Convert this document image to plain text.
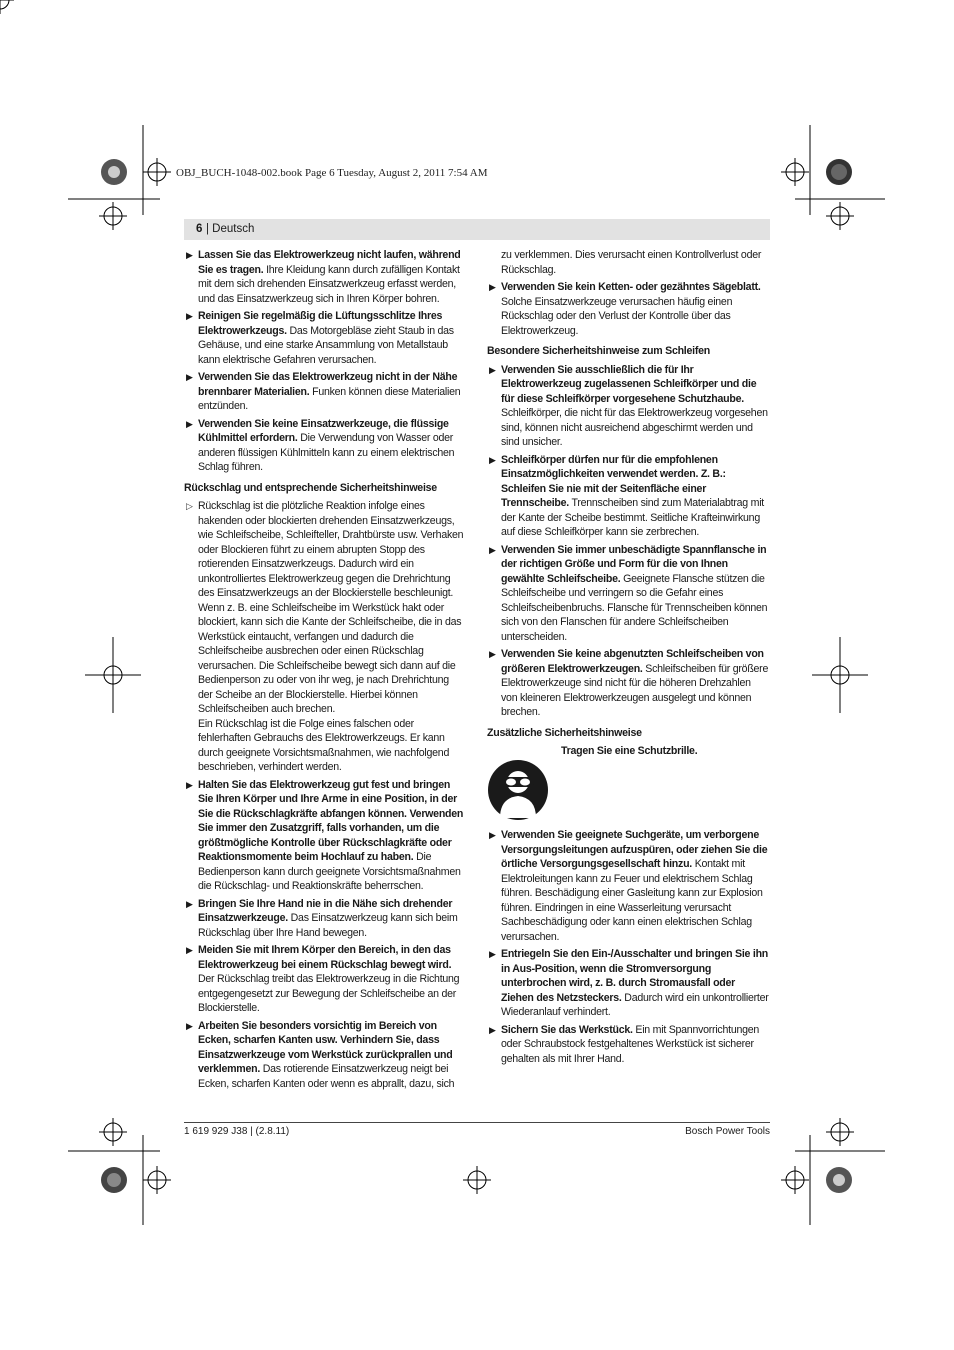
OBJ_BUCH-1048-002.book Page 6 Tuesday, August 2, 2011 7:54 AM
6 | Deutsch
▶ Lassen Sie das Elektrowerkzeug nicht laufen, während Sie es tragen. Ihre Kleidung kann durch zufälligen Kontakt mit dem sich drehenden Einsatzwerkzeug erfasst werden, und das Einsatzwerkzeug sich in Ihren Körper bohren.
▶ Reinigen Sie regelmäßig die Lüftungsschlitze Ihres Elektrowerkzeugs. Das Motorgebläse zieht Staub in das Gehäuse, und eine starke Ansammlung von Metallstaub kann elektrische Gefahren verursachen.
▶ Verwenden Sie das Elektrowerkzeug nicht in der Nähe brennbarer Materialien. Funken können diese Materialien entzünden.
▶ Verwenden Sie keine Einsatzwerkzeuge, die flüssige Kühlmittel erfordern. Die Verwendung von Wasser oder anderen flüssigen Kühlmitteln kann zu einem elektrischen Schlag führen.
Rückschlag und entsprechende Sicherheitshinweise
▷ Rückschlag ist die plötzliche Reaktion infolge eines hakenden oder blockierten drehenden Einsatzwerkzeugs, wie Schleifscheibe, Schleifteller, Drahtbürste usw. Verhaken oder Blockieren führt zu einem abrupten Stopp des rotierenden Einsatzwerkzeugs. Dadurch wird ein unkontrolliertes Elektrowerkzeug gegen die Drehrichtung des Einsatzwerkzeugs an der Blockierstelle beschleunigt.

Wenn z. B. eine Schleifscheibe im Werkstück hakt oder blockiert, kann sich die Kante der Schleifscheibe, die in das Werkstück eintaucht, verfangen und dadurch die Schleifscheibe ausbrechen oder einen Rückschlag verursachen. Die Schleifscheibe bewegt sich dann auf die Bedienperson zu oder von ihr weg, je nach Drehrichtung der Scheibe an der Blockierstelle. Hierbei können Schleifscheiben auch brechen.

Ein Rückschlag ist die Folge eines falschen oder fehlerhaften Gebrauchs des Elektrowerkzeugs. Er kann durch geeignete Vorsichtsmaßnahmen, wie nachfolgend beschrieben, verhindert werden.

▶ Halten Sie das Elektrowerkzeug gut fest und bringen Sie Ihren Körper und Ihre Arme in eine Position, in der Sie die Rückschlagkräfte abfangen können. Verwenden Sie immer den Zusatzgriff, falls vorhanden, um die größtmögliche Kontrolle über Rückschlagkräfte oder Reaktionsmomente beim Hochlauf zu haben. Die Bedienperson kann durch geeignete Vorsichtsmaßnahmen die Rückschlag- und Reaktionskräfte beherrschen.
▶ Bringen Sie Ihre Hand nie in die Nähe sich drehender Einsatzwerkzeuge. Das Einsatzwerkzeug kann sich beim Rückschlag über Ihre Hand bewegen.
▶ Meiden Sie mit Ihrem Körper den Bereich, in den das Elektrowerkzeug bei einem Rückschlag bewegt wird. Der Rückschlag treibt das Elektrowerkzeug in die Richtung entgegengesetzt zur Bewegung der Schleifscheibe an der Blockierstelle.
▶ Arbeiten Sie besonders vorsichtig im Bereich von Ecken, scharfen Kanten usw. Verhindern Sie, dass Einsatzwerkzeuge vom Werkstück zurückprallen und verklemmen. Das rotierende Einsatzwerkzeug neigt bei Ecken, scharfen Kanten oder wenn es abprallt, dazu, sich

zu verklemmen. Dies verursacht einen Kontrollverlust oder Rückschlag.

▶ Verwenden Sie kein Ketten- oder gezähntes Sägeblatt. Solche Einsatzwerkzeuge verursachen häufig einen Rückschlag oder den Verlust der Kontrolle über das Elektrowerkzeug.
Besondere Sicherheitshinweise zum Schleifen
▶ Verwenden Sie ausschließlich die für Ihr Elektrowerkzeug zugelassenen Schleifkörper und die für diese Schleifkörper vorgesehene Schutzhaube. Schleifkörper, die nicht für das Elektrowerkzeug vorgesehen sind, können nicht ausreichend abgeschirmt werden und sind unsicher.
▶ Schleifkörper dürfen nur für die empfohlenen Einsatzmöglichkeiten verwendet werden. Z. B.: Schleifen Sie nie mit der Seitenfläche einer Trennscheibe. Trennscheiben sind zum Materialabtrag mit der Kante der Scheibe bestimmt. Seitliche Krafteinwirkung auf diese Schleifkörper kann sie zerbrechen.
▶ Verwenden Sie immer unbeschädigte Spannflansche in der richtigen Größe und Form für die von Ihnen gewählte Schleifscheibe. Geeignete Flansche stützen die Schleifscheibe und verringern so die Gefahr eines Schleifscheibenbruchs. Flansche für Trennscheiben können sich von den Flanschen für andere Schleifscheiben unterscheiden.
▶ Verwenden Sie keine abgenutzten Schleifscheiben von größeren Elektrowerkzeugen. Schleifscheiben für größere Elektrowerkzeuge sind nicht für die höheren Drehzahlen von kleineren Elektrowerkzeugen ausgelegt und können brechen.
Zusätzliche Sicherheitshinweise
Tragen Sie eine Schutzbrille.
▶ Verwenden Sie geeignete Suchgeräte, um verborgene Versorgungsleitungen aufzuspüren, oder ziehen Sie die örtliche Versorgungsgesellschaft hinzu. Kontakt mit Elektroleitungen kann zu Feuer und elektrischem Schlag führen. Beschädigung einer Gasleitung kann zur Explosion führen. Eindringen in eine Wasserleitung verursacht Sachbeschädigung oder kann einen elektrischen Schlag verursachen.
▶ Entriegeln Sie den Ein-/Ausschalter und bringen Sie ihn in Aus-Position, wenn die Stromversorgung unterbrochen wird, z. B. durch Stromausfall oder Ziehen des Netzsteckers. Dadurch wird ein unkontrollierter Wiederanlauf verhindert.
▶ Sichern Sie das Werkstück. Ein mit Spannvorrichtungen oder Schraubstock festgehaltenes Werkstück ist sicherer gehalten als mit Ihrer Hand.
1 619 929 J38 | (2.8.11)	Bosch Power Tools
